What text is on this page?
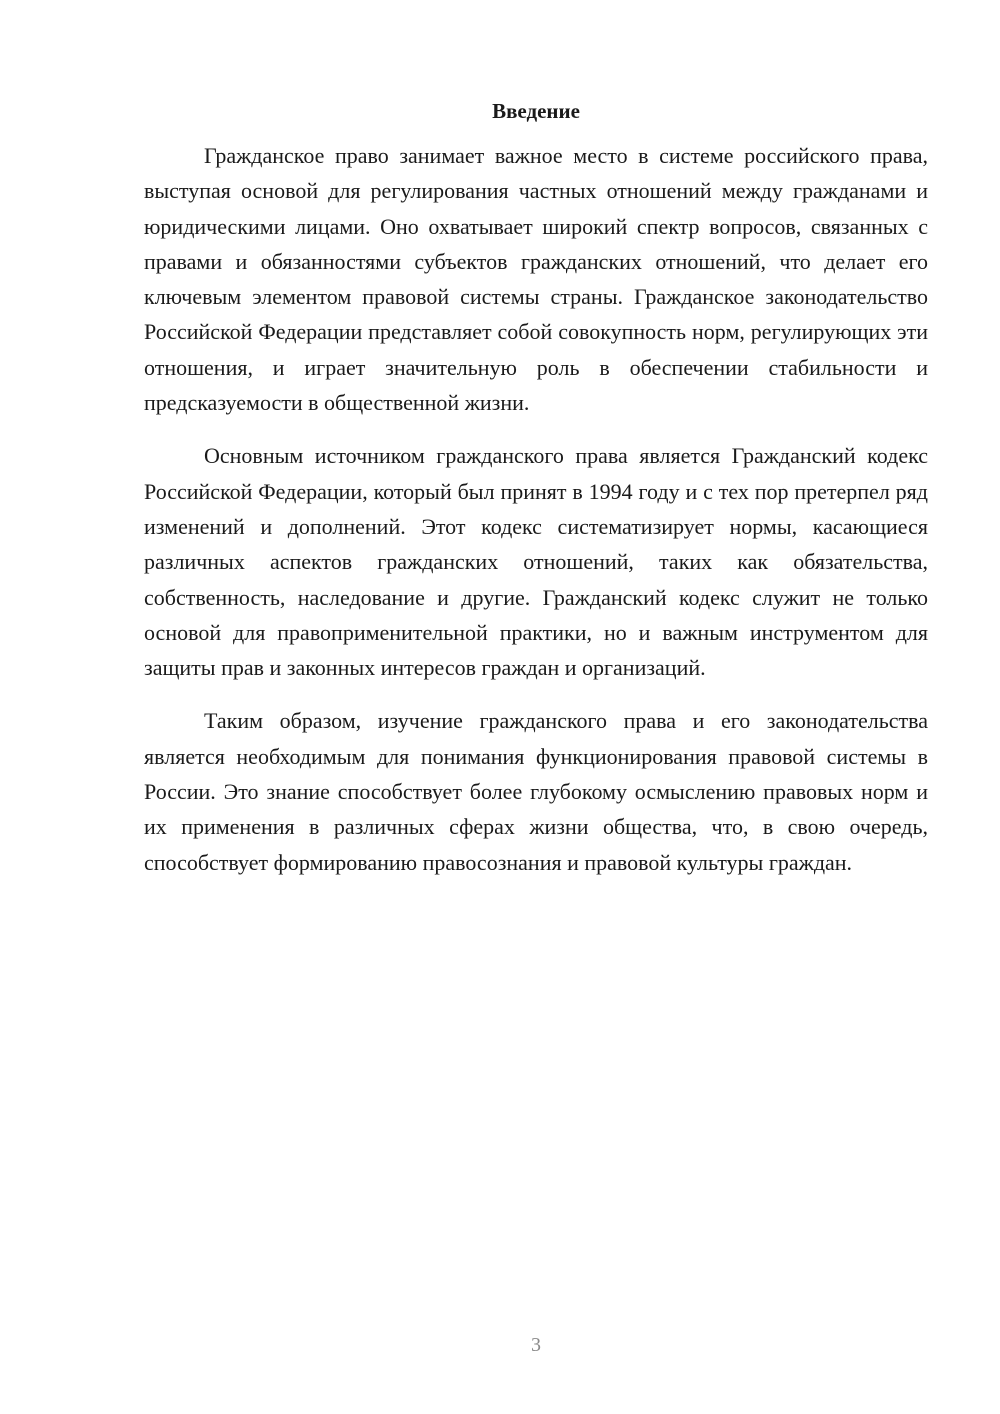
Введение

Гражданское право занимает важное место в системе российского права, выступая основой для регулирования частных отношений между гражданами и юридическими лицами. Оно охватывает широкий спектр вопросов, связанных с правами и обязанностями субъектов гражданских отношений, что делает его ключевым элементом правовой системы страны. Гражданское законодательство Российской Федерации представляет собой совокупность норм, регулирующих эти отношения, и играет значительную роль в обеспечении стабильности и предсказуемости в общественной жизни.

Основным источником гражданского права является Гражданский кодекс Российской Федерации, который был принят в 1994 году и с тех пор претерпел ряд изменений и дополнений. Этот кодекс систематизирует нормы, касающиеся различных аспектов гражданских отношений, таких как обязательства, собственность, наследование и другие. Гражданский кодекс служит не только основой для правоприменительной практики, но и важным инструментом для защиты прав и законных интересов граждан и организаций.

Таким образом, изучение гражданского права и его законодательства является необходимым для понимания функционирования правовой системы в России. Это знание способствует более глубокому осмыслению правовых норм и их применения в различных сферах жизни общества, что, в свою очередь, способствует формированию правосознания и правовой культуры граждан.

3
